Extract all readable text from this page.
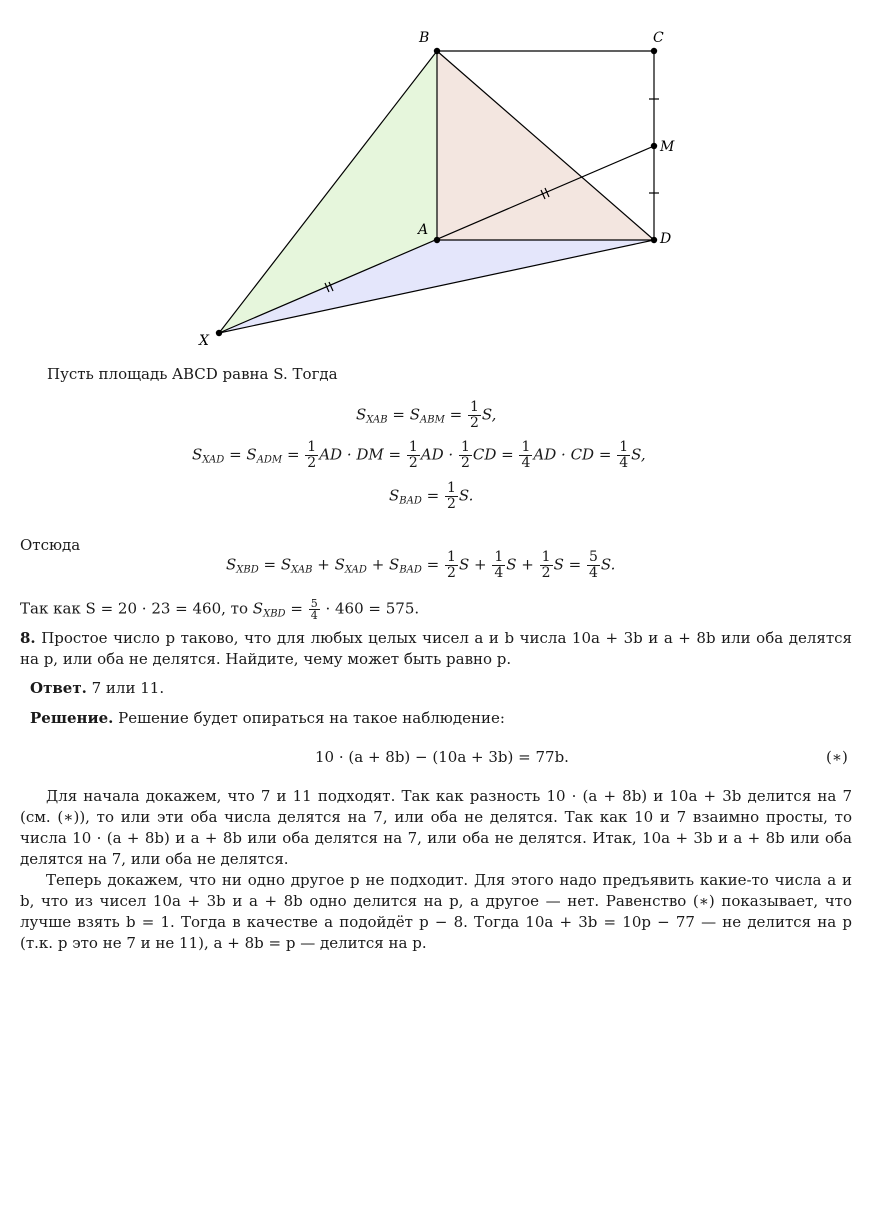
B	C
M
A
D
X
Пусть площадь ABCD равна S. Тогда
$S_{XAB} = S_{ABM} = \frac{1}{2} S$,
$S_{XAD} = S_{ADM} = \frac{1}{2}$ AD · DM = $\frac{1}{2}$ AD · $\frac{1}{2}$ CD = $\frac{1}{4}$ AD · CD = $\frac{1}{4} S$,
$S_{BAD} = \frac{1}{2} S$.
Отсюда
$S_{XBD} = S_{XAB} + S_{XAD} + S_{BAD} = \frac{1}{2}$ $S + \frac{1}{4}$ $S + \frac{1}{2}$ $S = \frac{5}{4} S$.
Так как S = 20 · 23 = 460, то $S_{XBD} = \frac{5}{4} \cdot 460 = 575$.
8. Простое число p таково, что для любых целых чисел a и b числа 10a + 3b и a + 8b или оба делятся на p, или оба не делятся. Найдите, чему может быть равно p.
Ответ. 7 или 11.
Решение. Решение будет опираться на такое наблюдение:
10 · (a + 8b) − (10a + 3b) = 77b.	(∗)
Для начала докажем, что 7 и 11 подходят. Так как разность 10 · (a + 8b) и 10a + 3b делится на 7 (см. (∗)), то или эти оба числа делятся на 7, или оба не делятся. Так как 10 и 7 взаимно просты, то числа 10 · (a + 8b) и a + 8b или оба делятся на 7, или оба не делятся. Итак, 10a + 3b и a + 8b или оба делятся на 7, или оба не делятся.
Теперь докажем, что ни одно другое p не подходит. Для этого надо предъявить какие-то числа a и b, что из чисел 10a + 3b и a + 8b одно делится на p, а другое — нет. Равенство (∗) показывает, что лучше взять b = 1. Тогда в качестве a подойдёт p − 8. Тогда 10a + 3b = 10p − 77 — не делится на p (т.к. p это не 7 и не 11), a + 8b = p — делится на p.
